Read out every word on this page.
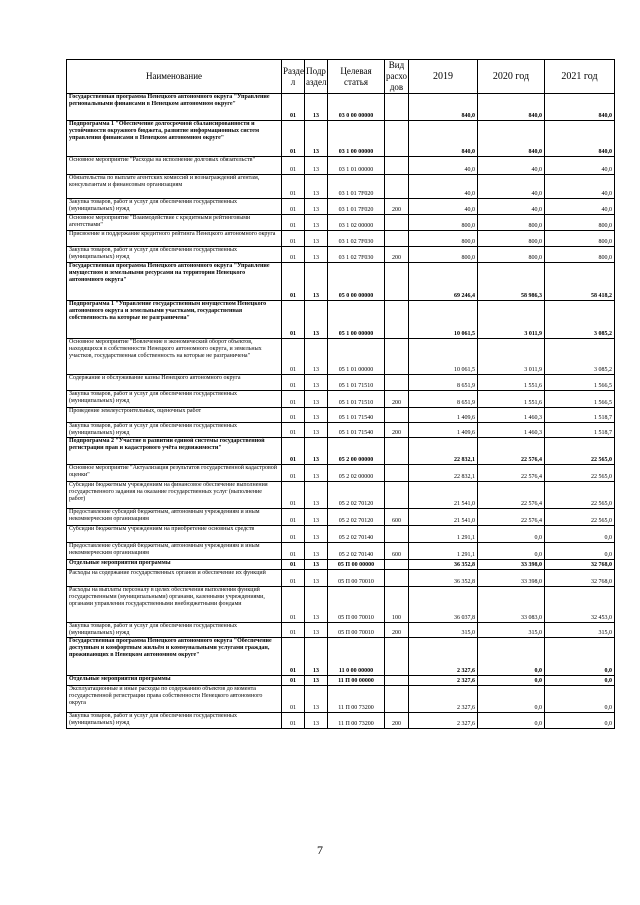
Наименование	Разде л	Подр аздел	Целевая статья	Вид расхо дов	2019	2020 год	2021 год
Государственная программа Ненецкого автономного округа "Управление региональными финансами в Ненецком автономном округе"	01	13	03 0 00 00000		840,0	840,0	840,0
Подпрограмма 1 "Обеспечение долгосрочной сбалансированности и устойчивости окружного бюджета, развитие информационных систем управления финансами в Ненецком автономном округе"	01	13	03 1 00 00000		840,0	840,0	840,0
Основное мероприятие "Расходы на исполнение долговых обязательств"	01	13	03 1 01 00000		40,0	40,0	40,0
Обязательства по выплате агентских комиссий и вознаграждений агентам, консультантам и финансовым организациям	01	13	03 1 01 7F020		40,0	40,0	40,0
Закупка товаров, работ и услуг для обеспечения государственных (муниципальных) нужд	01	13	03 1 01 7F020	200	40,0	40,0	40,0
Основное мероприятие "Взаимодействие с кредитными рейтинговыми агентствами"	01	13	03 1 02 00000		800,0	800,0	800,0
Присвоение и поддержание кредитного рейтинга Ненецкого автономного округа	01	13	03 1 02 7F030		800,0	800,0	800,0
Закупка товаров, работ и услуг для обеспечения государственных (муниципальных) нужд	01	13	03 1 02 7F030	200	800,0	800,0	800,0
Государственная программа Ненецкого автономного округа "Управление имуществом и земельными ресурсами на территории Ненецкого автономного округа"	01	13	05 0 00 00000		69 246,4	58 986,3	58 418,2
Подпрограмма 1 "Управление государственным имуществом Ненецкого автономного округа и земельными участками, государственная собственность на которые не разграничена"	01	13	05 1 00 00000		10 061,5	3 011,9	3 085,2
Основное мероприятие "Вовлечение в экономический оборот объектов, находящихся в собственности Ненецкого автономного округа, и земельных участков, государственная собственность на которые не разграничена"	01	13	05 1 01 00000		10 061,5	3 011,9	3 085,2
Содержание и обслуживание казны Ненецкого автономного округа	01	13	05 1 01 71510		8 651,9	1 551,6	1 566,5
Закупка товаров, работ и услуг для обеспечения государственных (муниципальных) нужд	01	13	05 1 01 71510	200	8 651,9	1 551,6	1 566,5
Проведение землеустроительных, оценочных работ	01	13	05 1 01 71540		1 409,6	1 460,3	1 518,7
Закупка товаров, работ и услуг для обеспечения государственных (муниципальных) нужд	01	13	05 1 01 71540	200	1 409,6	1 460,3	1 518,7
Подпрограмма 2 "Участие в развитии единой системы государственной регистрации прав и кадастрового учёта недвижимости"	01	13	05 2 00 00000		22 832,1	22 576,4	22 565,0
Основное мероприятие "Актуализация результатов государственной кадастровой оценки"	01	13	05 2 02 00000		22 832,1	22 576,4	22 565,0
Субсидии бюджетным учреждениям на финансовое обеспечение выполнения государственного задания на оказание государственных услуг (выполнение работ)	01	13	05 2 02 70120		21 541,0	22 576,4	22 565,0
Предоставление субсидий бюджетным, автономным учреждениям и иным некоммерческим организациям	01	13	05 2 02 70120	600	21 541,0	22 576,4	22 565,0
Субсидии бюджетным учреждениям на приобретение основных средств	01	13	05 2 02 70140		1 291,1	0,0	0,0
Предоставление субсидий бюджетным, автономным учреждениям и иным некоммерческим организациям	01	13	05 2 02 70140	600	1 291,1	0,0	0,0
Отдельные мероприятия программы	01	13	05 П 00 00000		36 352,8	33 398,0	32 768,0
Расходы на содержание государственных органов и обеспечение их функций	01	13	05 П 00 70010		36 352,8	33 398,0	32 768,0
Расходы на выплаты персоналу в целях обеспечения выполнения функций государственными (муниципальными) органами, казенными учреждениями, органами управления государственными внебюджетными фондами	01	13	05 П 00 70010	100	36 037,8	33 083,0	32 453,0
Закупка товаров, работ и услуг для обеспечения государственных (муниципальных) нужд	01	13	05 П 00 70010	200	315,0	315,0	315,0
Государственная программа Ненецкого автономного округа "Обеспечение доступным и комфортным жильём и коммунальными услугами граждан, проживающих в Ненецком автономном округе"	01	13	11 0 00 00000		2 327,6	0,0	0,0
Отдельные мероприятия программы	01	13	11 П 00 00000		2 327,6	0,0	0,0
Эксплуатационные и иные расходы по содержанию объектов до момента государственной регистрации права собственности Ненецкого автономного округа	01	13	11 П 00 73200		2 327,6	0,0	0,0
Закупка товаров, работ и услуг для обеспечения государственных (муниципальных) нужд	01	13	11 П 00 73200	200	2 327,6	0,0	0,0
7
